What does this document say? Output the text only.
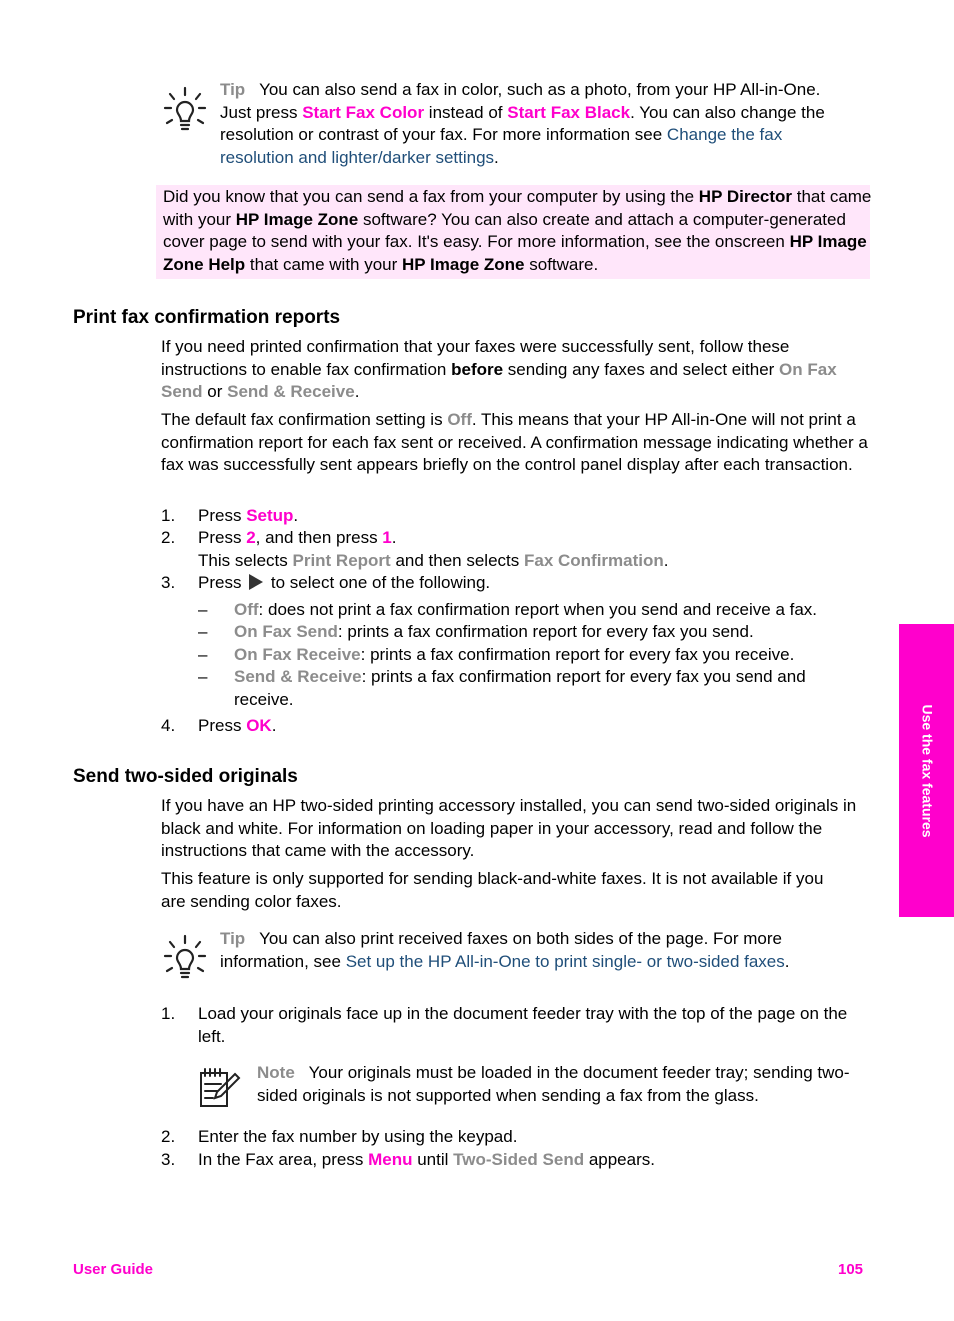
Tip You can also send a fax in color, such as a photo, from your HP All-in-One. Just press Start Fax Color instead of Start Fax Black. You can also change the resolution or contrast of your fax. For more information see Change the fax resolution and lighter/darker settings.

Did you know that you can send a fax from your computer by using the HP Director that came with your HP Image Zone software? You can also create and attach a computer-generated cover page to send with your fax. It's easy. For more information, see the onscreen HP Image Zone Help that came with your HP Image Zone software.

Print fax confirmation reports

If you need printed confirmation that your faxes were successfully sent, follow these instructions to enable fax confirmation before sending any faxes and select either On Fax Send or Send & Receive.

The default fax confirmation setting is Off. This means that your HP All-in-One will not print a confirmation report for each fax sent or received. A confirmation message indicating whether a fax was successfully sent appears briefly on the control panel display after each transaction.

1. Press Setup.

2. Press 2, and then press 1.
This selects Print Report and then selects Fax Confirmation.

3. Press  to select one of the following.

– Off: does not print a fax confirmation report when you send and receive a fax.

– On Fax Send: prints a fax confirmation report for every fax you send.

– On Fax Receive: prints a fax confirmation report for every fax you receive.

– Send & Receive: prints a fax confirmation report for every fax you send and receive.

4. Press OK.

Send two-sided originals

If you have an HP two-sided printing accessory installed, you can send two-sided originals in black and white. For information on loading paper in your accessory, read and follow the instructions that came with the accessory.

This feature is only supported for sending black-and-white faxes. It is not available if you are sending color faxes.

Tip You can also print received faxes on both sides of the page. For more information, see Set up the HP All-in-One to print single- or two-sided faxes.

1. Load your originals face up in the document feeder tray with the top of the page on the left.

Note Your originals must be loaded in the document feeder tray; sending two-sided originals is not supported when sending a fax from the glass.

2. Enter the fax number by using the keypad.

3. In the Fax area, press Menu until Two-Sided Send appears.

Use the fax features
User Guide	105
